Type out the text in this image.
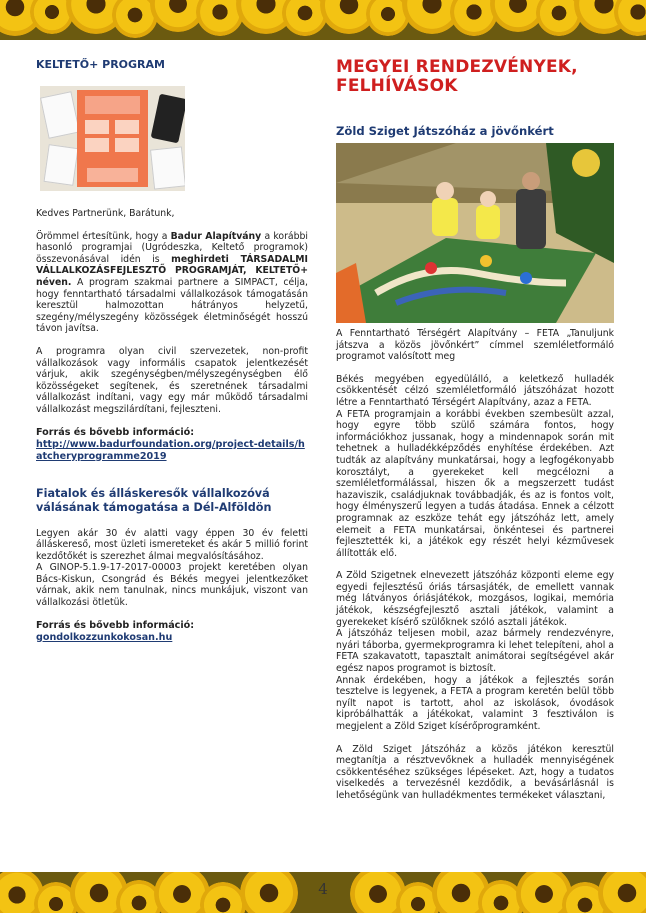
KELTETŐ+ PROGRAM

Kedves Partnerünk, Barátunk,

Örömmel értesítünk, hogy a Badur Alapítvány a korábbi hasonló programjai (Ugródeszka, Keltető programok) összevonásával idén is meghirdeti TÁRSADALMI VÁLLALKOZÁSFEJLESZTŐ PROGRAMJÁT, KELTETŐ+ néven. A program szakmai partnere a SIMPACT, célja, hogy fenntartható társadalmi vállalkozások támogatásán keresztül halmozottan hátrányos helyzetű, szegény/mélyszegény közösségek életminőségét hosszú távon javítsa.

A programra olyan civil szervezetek, non-profit vállalkozások vagy informális csapatok jelentkezését várjuk, akik szegénységben/mélyszegénységben élő közösségeket segítenek, és szeretnének társadalmi vállalkozást indítani, vagy egy már működő társadalmi vállalkozást megszilárdítani, fejleszteni.

Forrás és bővebb információ:

http://www.badurfoundation.org/project-details/hatcheryprogramme2019

Fiatalok és álláskeresők vállalkozóvá válásának támogatása a Dél-Alföldön

Legyen akár 30 év alatti vagy éppen 30 év feletti álláskereső, most üzleti ismereteket és akár 5 millió forint kezdőtőkét is szerezhet álmai megvalósításához.

A GINOP-5.1.9-17-2017-00003 projekt keretében olyan Bács-Kiskun, Csongrád és Békés megyei jelentkezőket várnak, akik nem tanulnak, nincs munkájuk, viszont van vállalkozási ötletük.

Forrás és bővebb információ:

gondolkozzunkokosan.hu

MEGYEI RENDEZVÉNYEK, FELHÍVÁSOK
Zöld Sziget Játszóház a jövőnkért

A Fenntartható Térségért Alapítvány – FETA „Tanuljunk játszva a közös jövőnkért” címmel szemléletformáló programot valósított meg

Békés megyében egyedülálló, a keletkező hulladék csökkentését célzó szemléletformáló játszóházat hozott létre a Fenntartható Térségért Alapítvány, azaz a FETA.

A FETA programjain a korábbi években szembesült azzal, hogy egyre több szülő számára fontos, hogy információkhoz jussanak, hogy a mindennapok során mit tehetnek a hulladékképződés enyhítése érdekében. Azt tudták az alapítvány munkatársai, hogy a legfogékonyabb korosztályt, a gyerekeket kell megcélozni a szemléletformálással, hiszen ők a megszerzett tudást hazaviszik, családjuknak továbbadják, és az is fontos volt, hogy élményszerű legyen a tudás átadása. Ennek a célzott programnak az eszköze tehát egy játszóház lett, amely elemeit a FETA munkatársai, önkéntesei és partnerei fejlesztették ki, a játékok egy részét helyi kézművesek állították elő.

A Zöld Szigetnek elnevezett játszóház központi eleme egy egyedi fejlesztésű óriás társasjáték, de emellett vannak még látványos óriásjátékok, mozgásos, logikai, memória játékok, készségfejlesztő asztali játékok, valamint a gyerekeket kísérő szülőknek szóló asztali játékok.

A játszóház teljesen mobil, azaz bármely rendezvényre, nyári táborba, gyermekprogramra ki lehet telepíteni, ahol a FETA szakavatott, tapasztalt animátorai segítségével akár egész napos programot is biztosít.

Annak érdekében, hogy a játékok a fejlesztés során tesztelve is legyenek, a FETA a program keretén belül több nyílt napot is tartott, ahol az iskolások, óvodások kipróbálhatták a játékokat, valamint 3 fesztiválon is megjelent a Zöld Sziget kísérőprogramként.

A Zöld Sziget Játszóház a közös játékon keresztül megtanítja a résztvevőknek a hulladék mennyiségének csökkentéséhez szükséges lépéseket. Azt, hogy a tudatos viselkedés a tervezésnél kezdődik, a bevásárlásnál is lehetőségünk van hulladékmentes termékeket választani,

4
